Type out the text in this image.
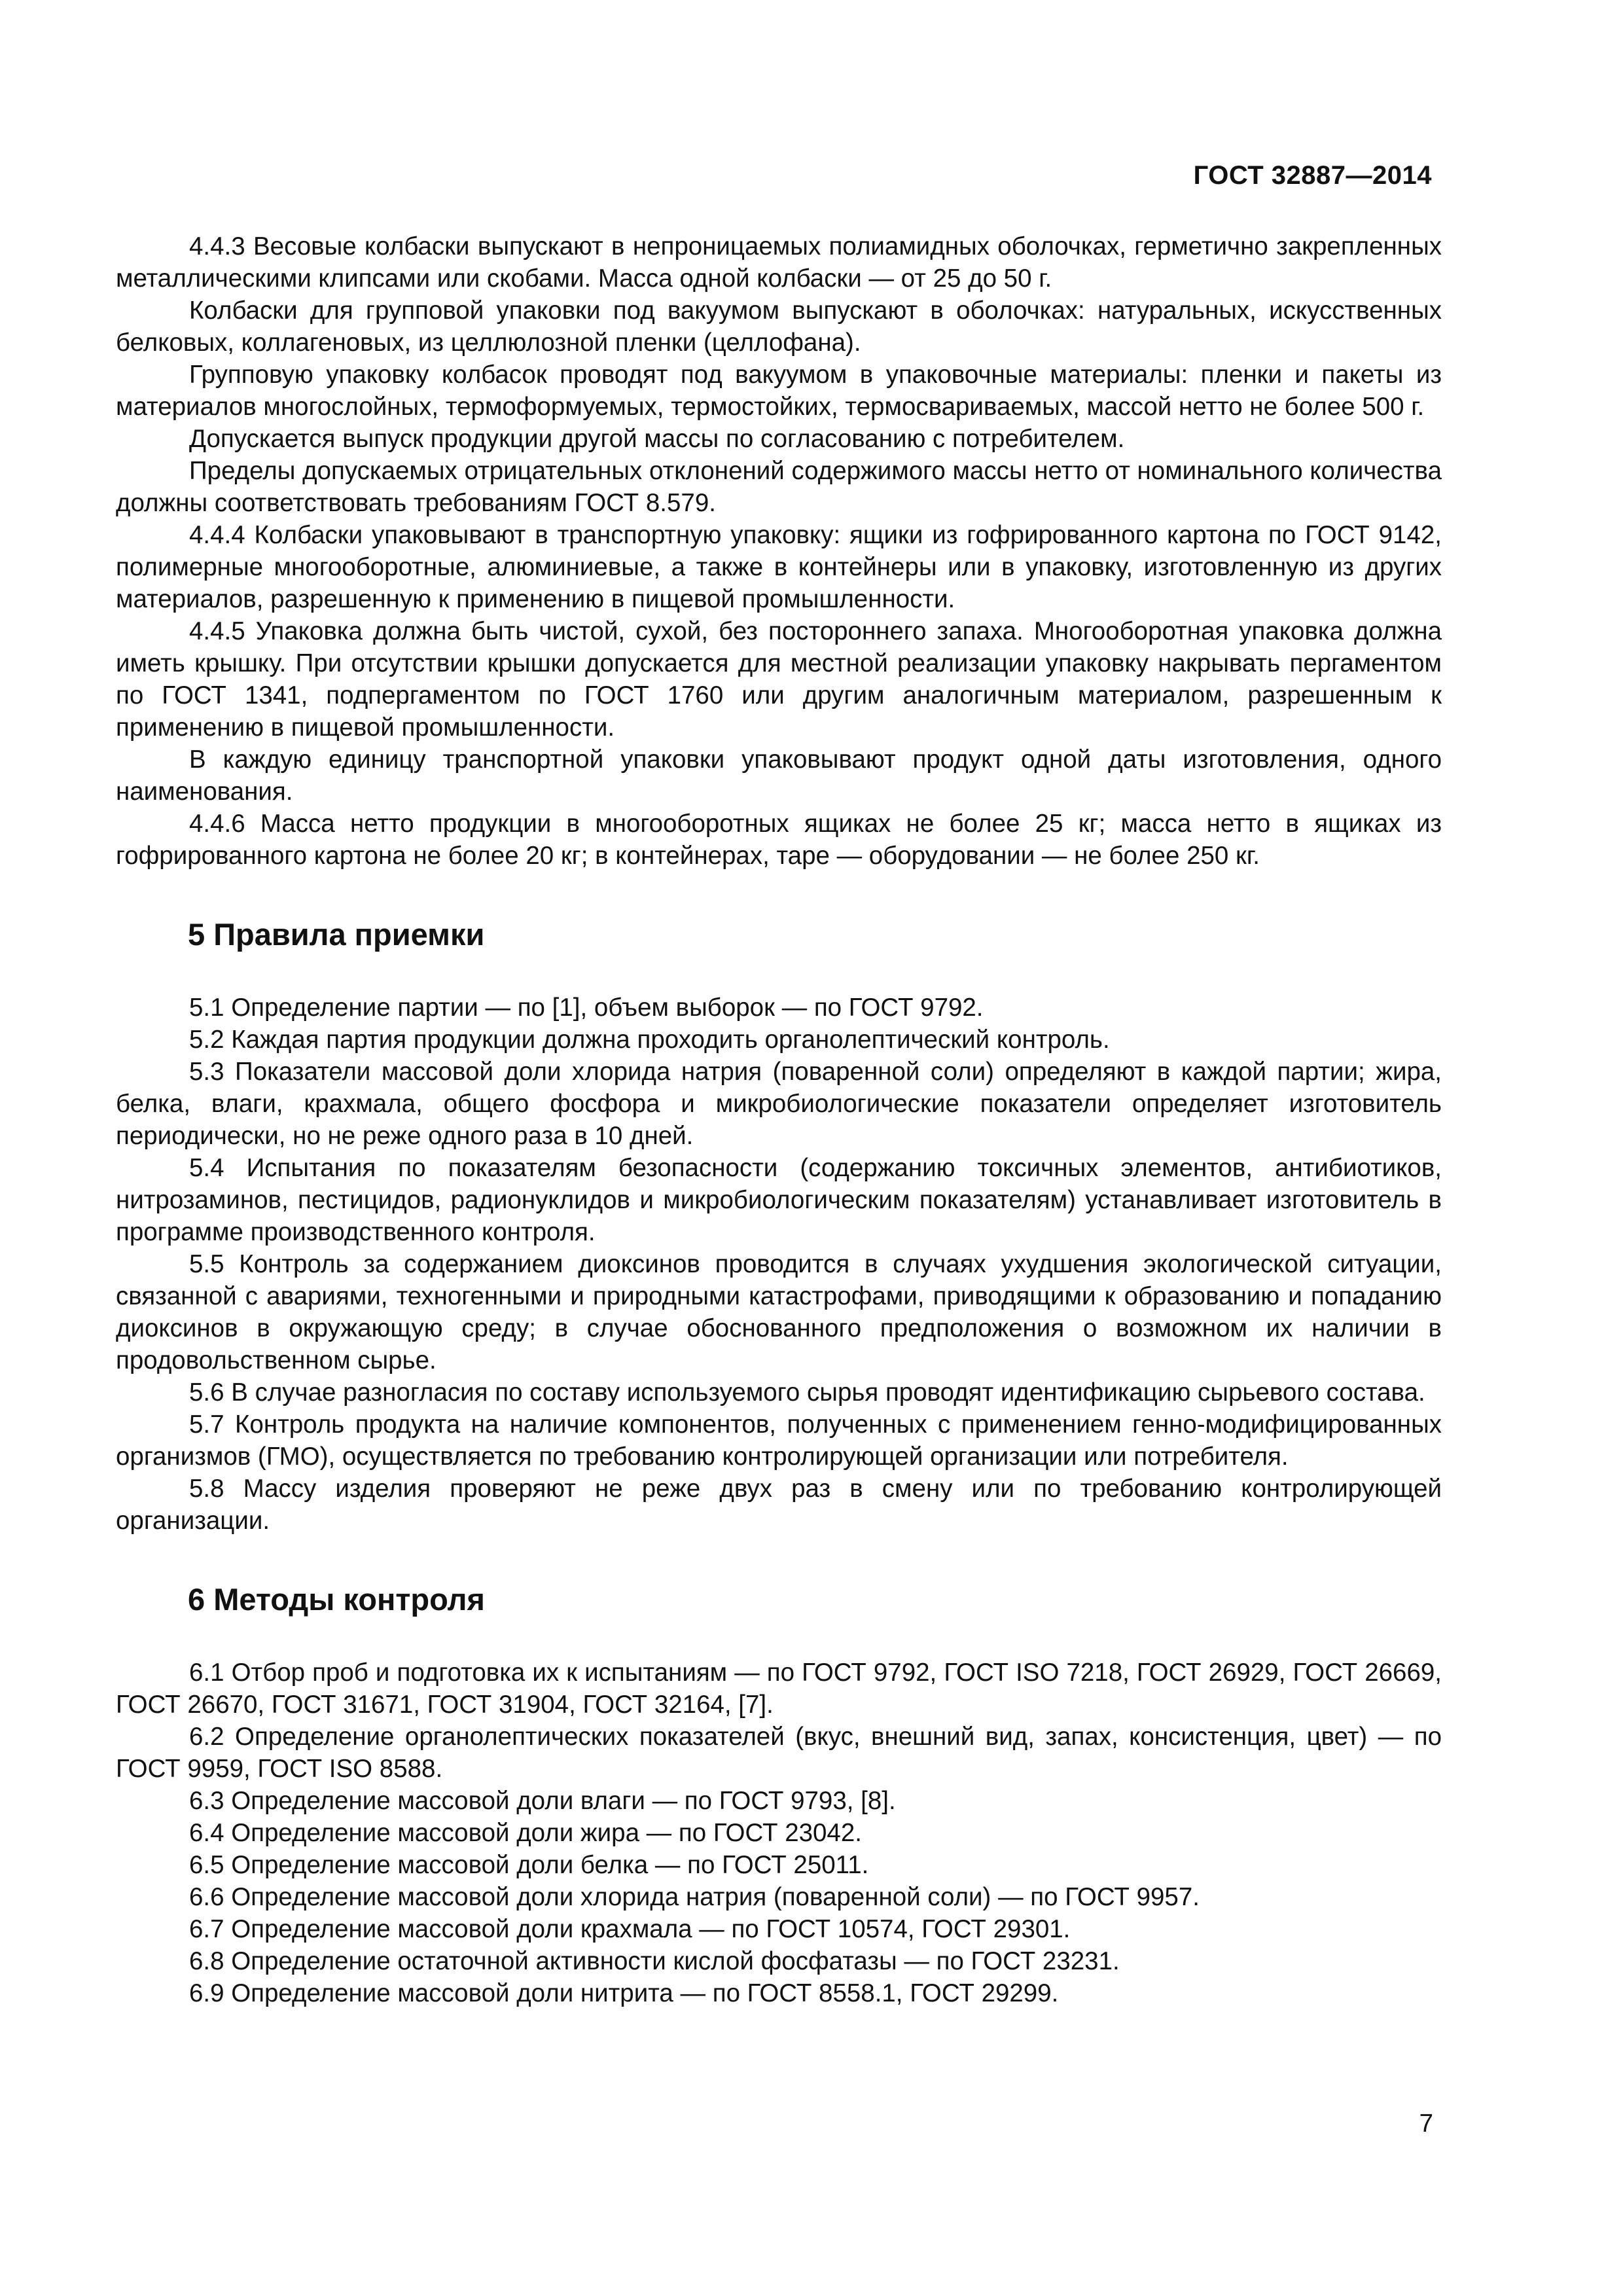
ГОСТ 32887—2014

4.4.3 Весовые колбаски выпускают в непроницаемых полиамидных оболочках, герметично закрепленных металлическими клипсами или скобами. Масса одной колбаски — от 25 до 50 г.

Колбаски для групповой упаковки под вакуумом выпускают в оболочках: натуральных, искусственных белковых, коллагеновых, из целлюлозной пленки (целлофана).

Групповую упаковку колбасок проводят под вакуумом в упаковочные материалы: пленки и пакеты из материалов многослойных, термоформуемых, термостойких, термосвариваемых, массой нетто не более 500 г.

Допускается выпуск продукции другой массы по согласованию с потребителем.

Пределы допускаемых отрицательных отклонений содержимого массы нетто от номинального количества должны соответствовать требованиям ГОСТ 8.579.

4.4.4 Колбаски упаковывают в транспортную упаковку: ящики из гофрированного картона по ГОСТ 9142, полимерные многооборотные, алюминиевые, а также в контейнеры или в упаковку, изготовленную из других материалов, разрешенную к применению в пищевой промышленности.

4.4.5 Упаковка должна быть чистой, сухой, без постороннего запаха. Многооборотная упаковка должна иметь крышку. При отсутствии крышки допускается для местной реализации упаковку накрывать пергаментом по ГОСТ 1341, подпергаментом по ГОСТ 1760 или другим аналогичным материалом, разрешенным к применению в пищевой промышленности.

В каждую единицу транспортной упаковки упаковывают продукт одной даты изготовления, одного наименования.

4.4.6 Масса нетто продукции в многооборотных ящиках не более 25 кг; масса нетто в ящиках из гофрированного картона не более 20 кг; в контейнерах, таре — оборудовании — не более 250 кг.

5 Правила приемки

5.1 Определение партии — по [1], объем выборок — по ГОСТ 9792.

5.2 Каждая партия продукции должна проходить органолептический контроль.

5.3 Показатели массовой доли хлорида натрия (поваренной соли) определяют в каждой партии; жира, белка, влаги, крахмала, общего фосфора и микробиологические показатели определяет изготовитель периодически, но не реже одного раза в 10 дней.

5.4 Испытания по показателям безопасности (содержанию токсичных элементов, антибиотиков, нитрозаминов, пестицидов, радионуклидов и микробиологическим показателям) устанавливает изготовитель в программе производственного контроля.

5.5 Контроль за содержанием диоксинов проводится в случаях ухудшения экологической ситуации, связанной с авариями, техногенными и природными катастрофами, приводящими к образованию и попаданию диоксинов в окружающую среду; в случае обоснованного предположения о возможном их наличии в продовольственном сырье.

5.6 В случае разногласия по составу используемого сырья проводят идентификацию сырьевого состава.

5.7 Контроль продукта на наличие компонентов, полученных с применением генно-модифицированных организмов (ГМО), осуществляется по требованию контролирующей организации или потребителя.

5.8 Массу изделия проверяют не реже двух раз в смену или по требованию контролирующей организации.

6 Методы контроля

6.1 Отбор проб и подготовка их к испытаниям — по ГОСТ 9792, ГОСТ ISO 7218, ГОСТ 26929, ГОСТ 26669, ГОСТ 26670, ГОСТ 31671, ГОСТ 31904, ГОСТ 32164, [7].

6.2 Определение органолептических показателей (вкус, внешний вид, запах, консистенция, цвет) — по ГОСТ 9959, ГОСТ ISO 8588.

6.3 Определение массовой доли влаги — по ГОСТ 9793, [8].

6.4 Определение массовой доли жира — по ГОСТ 23042.

6.5 Определение массовой доли белка — по ГОСТ 25011.

6.6 Определение массовой доли хлорида натрия (поваренной соли) — по ГОСТ 9957.

6.7 Определение массовой доли крахмала — по ГОСТ 10574, ГОСТ 29301.

6.8 Определение остаточной активности кислой фосфатазы — по ГОСТ 23231.

6.9 Определение массовой доли нитрита — по ГОСТ 8558.1, ГОСТ 29299.

7
